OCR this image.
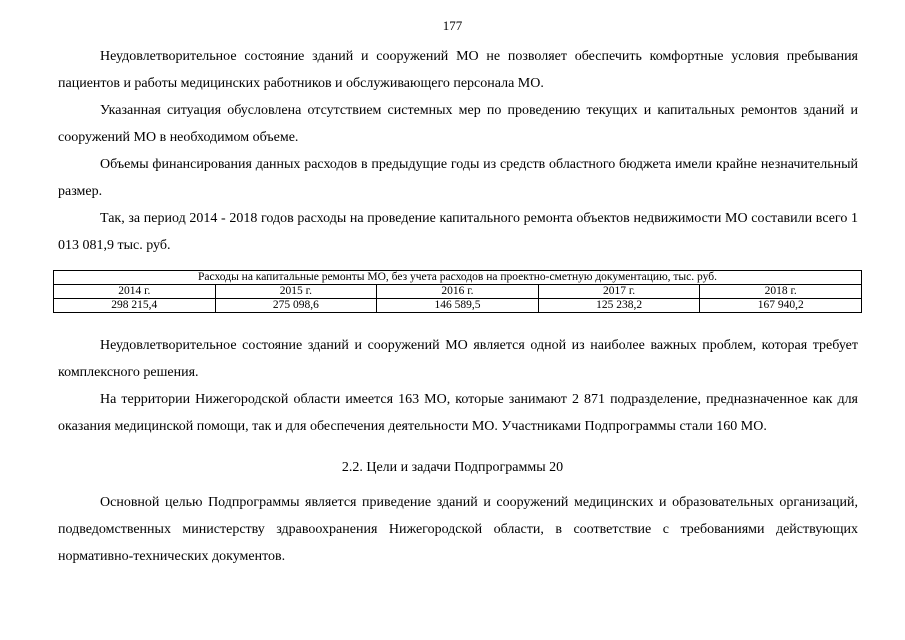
177

Неудовлетворительное состояние зданий и сооружений МО не позволяет обеспечить комфортные условия пребывания пациентов и работы медицинских работников и обслуживающего персонала МО.

Указанная ситуация обусловлена отсутствием системных мер по проведению текущих и капитальных ремонтов зданий и сооружений МО в необходимом объеме.

Объемы финансирования данных расходов в предыдущие годы из средств областного бюджета имели крайне незначительный размер.

Так, за период 2014 - 2018 годов расходы на проведение капитального ремонта объектов недвижимости МО составили всего 1 013 081,9 тыс. руб.

Расходы на капитальные ремонты МО, без учета расходов на проектно-сметную документацию, тыс. руб.				
2014 г.	2015 г.	2016 г.	2017 г.	2018 г.
298 215,4	275 098,6	146 589,5	125 238,2	167 940,2

Неудовлетворительное состояние зданий и сооружений МО является одной из наиболее важных проблем, которая требует комплексного решения.

На территории Нижегородской области имеется 163 МО, которые занимают 2 871 подразделение, предназначенное как для оказания медицинской помощи, так и для обеспечения деятельности МО. Участниками Подпрограммы стали 160 МО.

2.2. Цели и задачи Подпрограммы 20

Основной целью Подпрограммы является приведение зданий и сооружений медицинских и образовательных организаций, подведомственных министерству здравоохранения Нижегородской области, в соответствие с требованиями действующих нормативно-технических документов.
